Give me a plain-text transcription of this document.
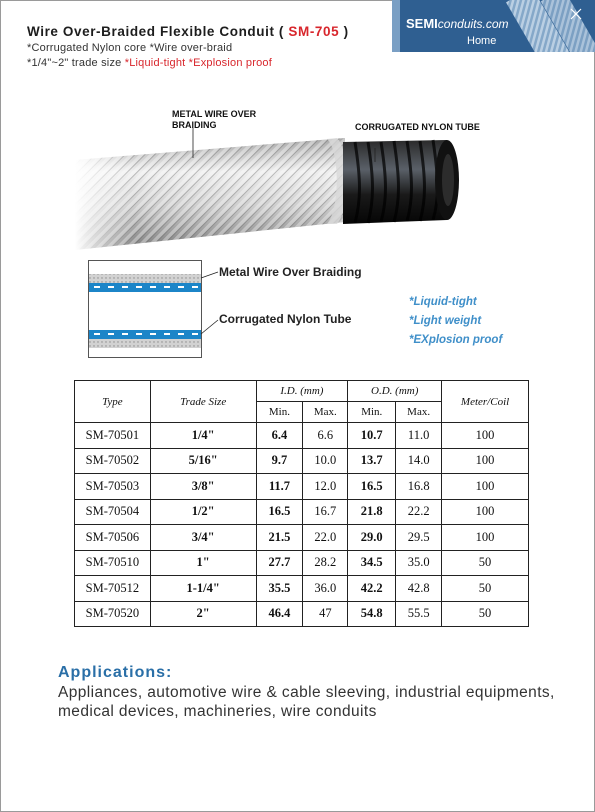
Wire Over-Braided Flexible Conduit ( SM-705 )
*Corrugated Nylon core *Wire over-braid
*1/4"~2" trade size *Liquid-tight *Explosion proof
SEMIconduits.com
Home
METAL WIRE OVER BRAIDING	CORRUGATED NYLON TUBE
Metal Wire Over Braiding
Corrugated Nylon Tube
*Liquid-tight
*Light weight
*EXplosion proof
Type	Trade Size	I.D. (mm)		O.D. (mm)		Meter/Coil
		Min.	Max.	Min.	Max.	
SM-70501	1/4"	6.4	6.6	10.7	11.0	100
SM-70502	5/16"	9.7	10.0	13.7	14.0	100
SM-70503	3/8"	11.7	12.0	16.5	16.8	100
SM-70504	1/2"	16.5	16.7	21.8	22.2	100
SM-70506	3/4"	21.5	22.0	29.0	29.5	100
SM-70510	1"	27.7	28.2	34.5	35.0	50
SM-70512	1-1/4"	35.5	36.0	42.2	42.8	50
SM-70520	2"	46.4	47	54.8	55.5	50
Applications:
Appliances, automotive wire & cable sleeving, industrial equipments, medical devices, machineries, wire conduits
